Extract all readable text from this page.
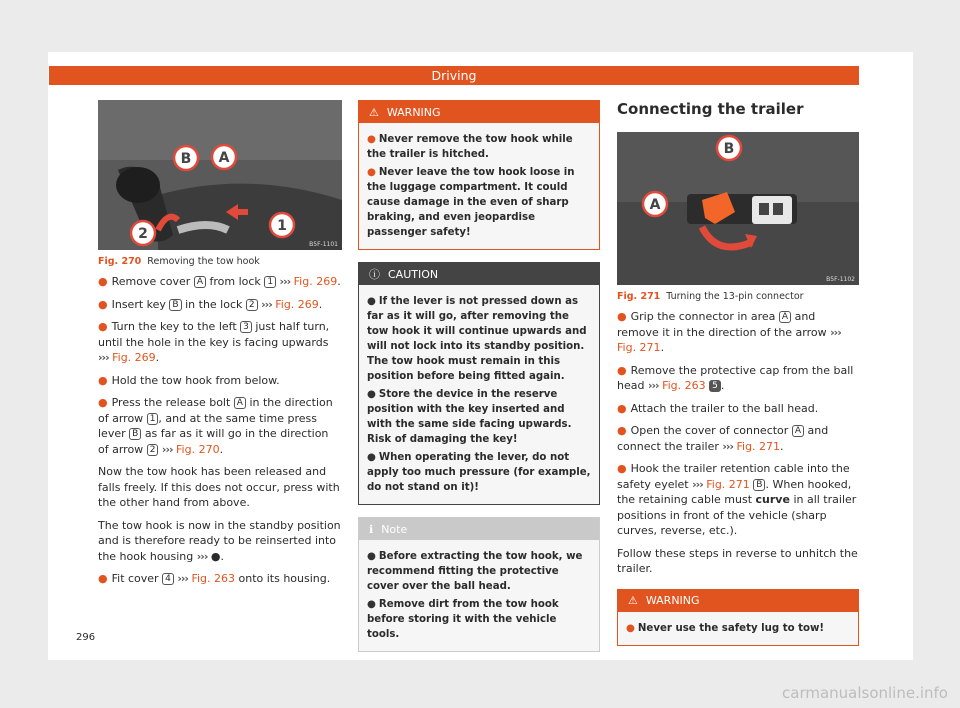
Driving
B A
1
2
B5F-1101
Fig. 270 Removing the tow hook
● Remove cover A from lock 1 ››› Fig. 269.
● Insert key B in the lock 2 ››› Fig. 269.
● Turn the key to the left 3 just half turn, until the hole in the key is facing upwards ››› Fig. 269.
● Hold the tow hook from below.
● Press the release bolt A in the direction of arrow 1 , and at the same time press lever B as far as it will go in the direction of arrow 2 ››› Fig. 270.

Now the tow hook has been released and falls freely. If this does not occur, press with the other hand from above.

The tow hook is now in the standby position and is therefore ready to be reinserted into the hook housing ››› ●.

● Fit cover 4 ››› Fig. 263 onto its housing.
⚠ WARNING
● Never remove the tow hook while the trailer is hitched.
● Never leave the tow hook loose in the luggage compartment. It could cause damage in the even of sharp braking, and even jeopardise passenger safety!
ⓘ CAUTION
● If the lever is not pressed down as far as it will go, after removing the tow hook it will continue upwards and will not lock into its standby position. The tow hook must remain in this position before being fitted again.
● Store the device in the reserve position with the key inserted and with the same side facing upwards. Risk of damaging the key!
● When operating the lever, do not apply too much pressure (for example, do not stand on it)!
ℹ Note
● Before extracting the tow hook, we recommend fitting the protective cover over the ball head.
● Remove dirt from the tow hook before storing it with the vehicle tools.
Connecting the trailer
B
A
B5F-1102
Fig. 271 Turning the 13-pin connector
● Grip the connector in area A and remove it in the direction of the arrow ››› Fig. 271.
● Remove the protective cap from the ball head ››› Fig. 263 5 .
● Attach the trailer to the ball head.
● Open the cover of connector A and connect the trailer ››› Fig. 271.
● Hook the trailer retention cable into the safety eyelet ››› Fig. 271 B . When hooked, the retaining cable must curve in all trailer positions in front of the vehicle (sharp curves, reverse, etc.).

Follow these steps in reverse to unhitch the trailer.

⚠ WARNING
● Never use the safety lug to tow!
296
carmanualsonline.info
